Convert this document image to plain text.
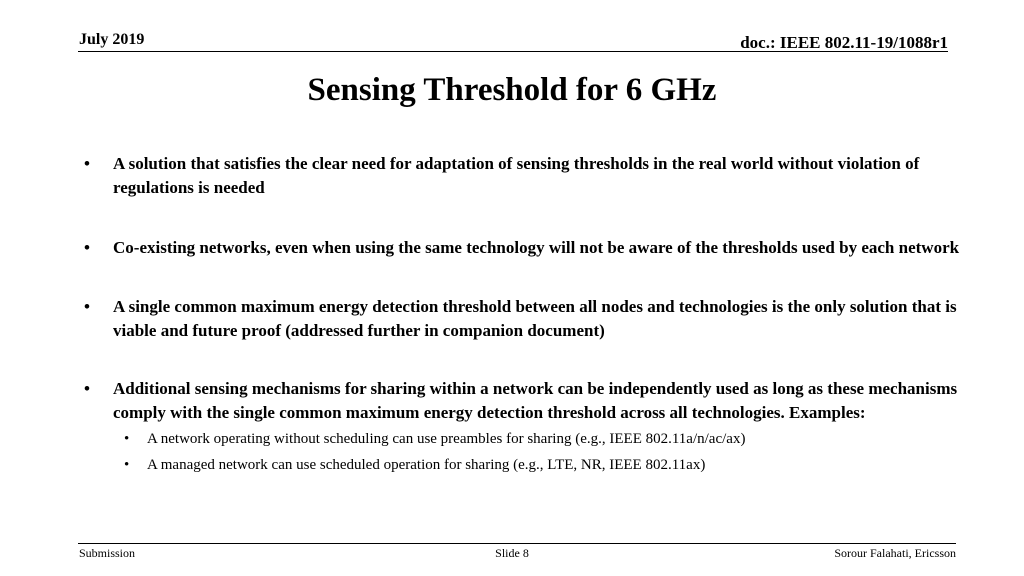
July 2019	doc.: IEEE 802.11-19/1088r1
Sensing Threshold for 6 GHz
• A solution that satisfies the clear need for adaptation of sensing thresholds in the real world without violation of regulations is needed
• Co-existing networks, even when using the same technology will not be aware of the thresholds used by each network
• A single common maximum energy detection threshold between all nodes and technologies is the only solution that is viable and future proof (addressed further in companion document)
• Additional sensing mechanisms for sharing within a network can be independently used as long as these mechanisms comply with the single common maximum energy detection threshold across all technologies. Examples:
• A network operating without scheduling can use preambles for sharing (e.g., IEEE 802.11a/n/ac/ax)
• A managed network can use scheduled operation for sharing (e.g., LTE, NR, IEEE 802.11ax)
Submission	Slide 8	Sorour Falahati, Ericsson
